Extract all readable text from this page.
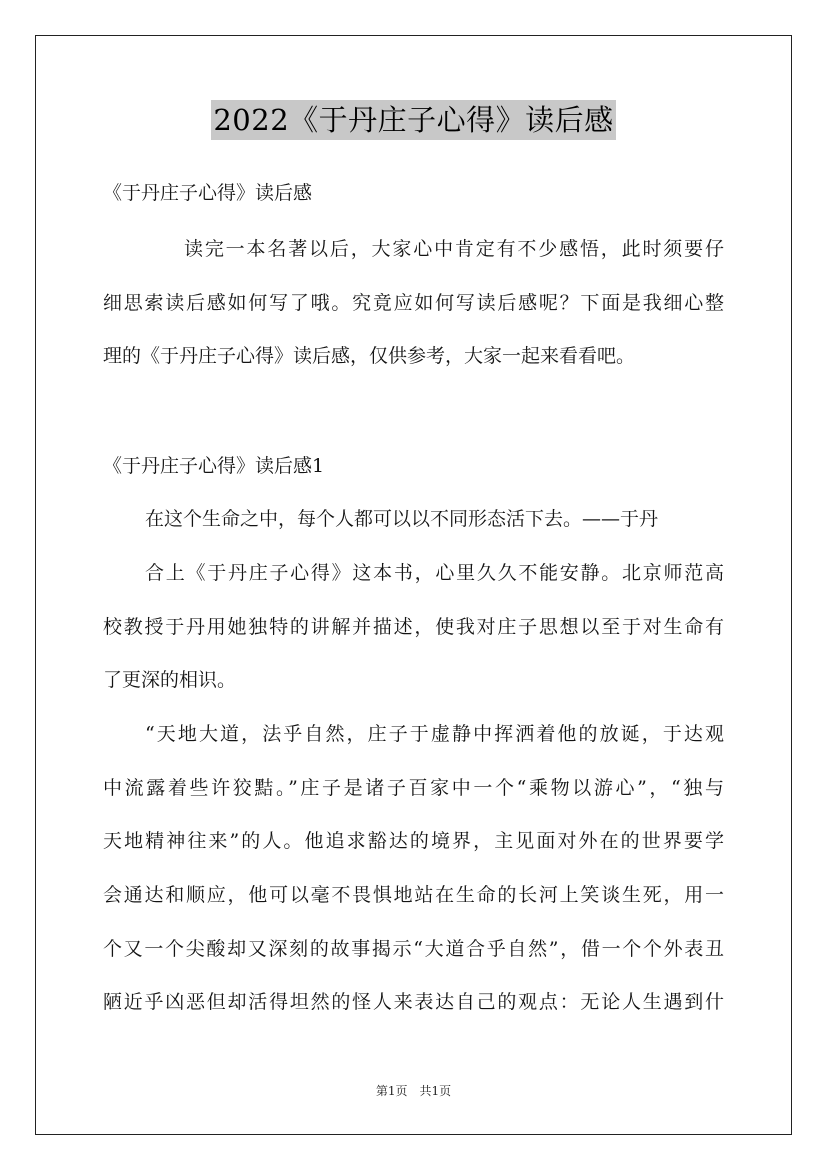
2022《于丹庄子心得》读后感
《于丹庄子心得》读后感
读完一本名著以后，大家心中肯定有不少感悟，此时须要仔
细思索读后感如何写了哦。究竟应如何写读后感呢？下面是我细心整
理的《于丹庄子心得》读后感，仅供参考，大家一起来看看吧。
《于丹庄子心得》读后感1
在这个生命之中，每个人都可以以不同形态活下去。——于丹
合上《于丹庄子心得》这本书，心里久久不能安静。北京师范高
校教授于丹用她独特的讲解并描述，使我对庄子思想以至于对生命有
了更深的相识。
“天地大道，法乎自然，庄子于虚静中挥洒着他的放诞，于达观
中流露着些许狡黠。”庄子是诸子百家中一个“乘物以游心”，“独与
天地精神往来”的人。他追求豁达的境界，主见面对外在的世界要学
会通达和顺应，他可以毫不畏惧地站在生命的长河上笑谈生死，用一
个又一个尖酸却又深刻的故事揭示“大道合乎自然”，借一个个外表丑
陋近乎凶恶但却活得坦然的怪人来表达自己的观点：无论人生遇到什
第1页　共1页
